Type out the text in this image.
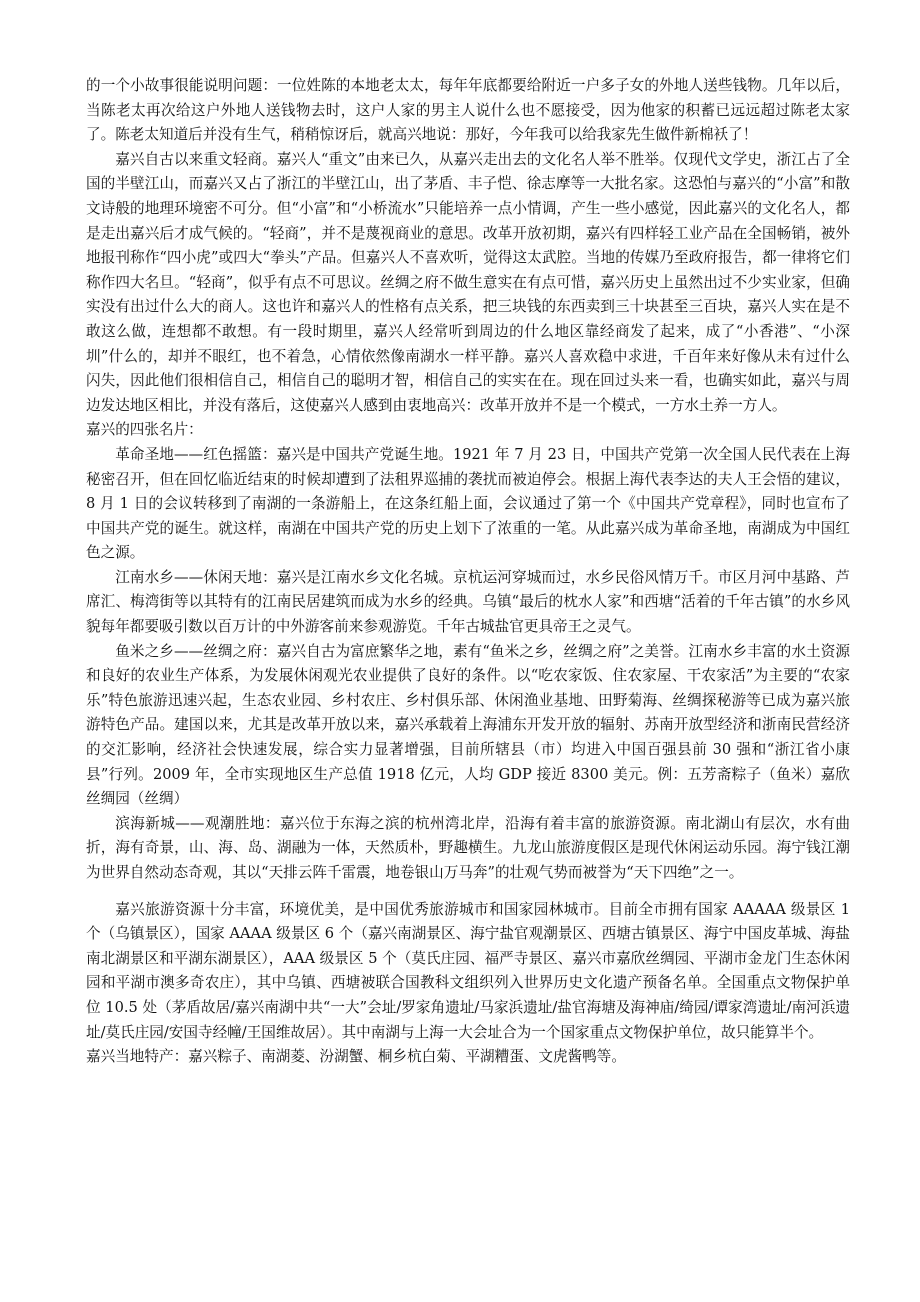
的一个小故事很能说明问题：一位姓陈的本地老太太，每年年底都要给附近一户多子女的外地人送些钱物。几年以后，当陈老太再次给这户外地人送钱物去时，这户人家的男主人说什么也不愿接受，因为他家的积蓄已远远超过陈老太家了。陈老太知道后并没有生气，稍稍惊讶后，就高兴地说：那好，今年我可以给我家先生做件新棉袄了！

嘉兴自古以来重文轻商。嘉兴人“重文”由来已久，从嘉兴走出去的文化名人举不胜举。仅现代文学史，浙江占了全国的半壁江山，而嘉兴又占了浙江的半壁江山，出了茅盾、丰子恺、徐志摩等一大批名家。这恐怕与嘉兴的“小富”和散文诗般的地理环境密不可分。但“小富”和“小桥流水”只能培养一点小情调，产生一些小感觉，因此嘉兴的文化名人，都是走出嘉兴后才成气候的。“轻商”，并不是蔑视商业的意思。改革开放初期，嘉兴有四样轻工业产品在全国畅销，被外地报刊称作“四小虎”或四大“拳头”产品。但嘉兴人不喜欢听，觉得这太武腔。当地的传媒乃至政府报告，都一律将它们称作四大名旦。“轻商”，似乎有点不可思议。丝绸之府不做生意实在有点可惜，嘉兴历史上虽然出过不少实业家，但确实没有出过什么大的商人。这也许和嘉兴人的性格有点关系，把三块钱的东西卖到三十块甚至三百块，嘉兴人实在是不敢这么做，连想都不敢想。有一段时期里，嘉兴人经常听到周边的什么地区靠经商发了起来，成了“小香港”、“小深圳”什么的，却并不眼红，也不着急，心情依然像南湖水一样平静。嘉兴人喜欢稳中求进，千百年来好像从未有过什么闪失，因此他们很相信自己，相信自己的聪明才智，相信自己的实实在在。现在回过头来一看，也确实如此，嘉兴与周边发达地区相比，并没有落后，这使嘉兴人感到由衷地高兴：改革开放并不是一个模式，一方水土养一方人。

嘉兴的四张名片：

革命圣地——红色摇篮：嘉兴是中国共产党诞生地。1921 年 7 月 23 日，中国共产党第一次全国人民代表在上海秘密召开，但在回忆临近结束的时候却遭到了法租界巡捕的袭扰而被迫停会。根据上海代表李达的夫人王会悟的建议，8 月 1 日的会议转移到了南湖的一条游船上，在这条红船上面，会议通过了第一个《中国共产党章程》，同时也宣布了中国共产党的诞生。就这样，南湖在中国共产党的历史上划下了浓重的一笔。从此嘉兴成为革命圣地，南湖成为中国红色之源。

江南水乡——休闲天地：嘉兴是江南水乡文化名城。京杭运河穿城而过，水乡民俗风情万千。市区月河中基路、芦席汇、梅湾街等以其特有的江南民居建筑而成为水乡的经典。乌镇“最后的枕水人家”和西塘“活着的千年古镇”的水乡风貌每年都要吸引数以百万计的中外游客前来参观游览。千年古城盐官更具帝王之灵气。

鱼米之乡——丝绸之府：嘉兴自古为富庶繁华之地，素有“鱼米之乡，丝绸之府”之美誉。江南水乡丰富的水土资源和良好的农业生产体系，为发展休闲观光农业提供了良好的条件。以“吃农家饭、住农家屋、干农家活”为主要的“农家乐”特色旅游迅速兴起，生态农业园、乡村农庄、乡村俱乐部、休闲渔业基地、田野菊海、丝绸探秘游等已成为嘉兴旅游特色产品。建国以来，尤其是改革开放以来，嘉兴承载着上海浦东开发开放的辐射、苏南开放型经济和浙南民营经济的交汇影响，经济社会快速发展，综合实力显著增强，目前所辖县（市）均进入中国百强县前 30 强和“浙江省小康县”行列。2009 年，全市实现地区生产总值 1918 亿元，人均 GDP 接近 8300 美元。例：五芳斋粽子（鱼米）嘉欣丝绸园（丝绸）

滨海新城——观潮胜地：嘉兴位于东海之滨的杭州湾北岸，沿海有着丰富的旅游资源。南北湖山有层次，水有曲折，海有奇景，山、海、岛、湖融为一体，天然质朴，野趣横生。九龙山旅游度假区是现代休闲运动乐园。海宁钱江潮为世界自然动态奇观，其以“天排云阵千雷震，地卷银山万马奔”的壮观气势而被誉为“天下四绝”之一。

嘉兴旅游资源十分丰富，环境优美，是中国优秀旅游城市和国家园林城市。目前全市拥有国家 AAAAA 级景区 1 个（乌镇景区），国家 AAAA 级景区 6 个（嘉兴南湖景区、海宁盐官观潮景区、西塘古镇景区、海宁中国皮革城、海盐南北湖景区和平湖东湖景区），AAA 级景区 5 个（莫氏庄园、福严寺景区、嘉兴市嘉欣丝绸园、平湖市金龙门生态休闲园和平湖市澳多奇农庄），其中乌镇、西塘被联合国教科文组织列入世界历史文化遗产预备名单。全国重点文物保护单位 10.5 处（茅盾故居/嘉兴南湖中共“一大”会址/罗家角遗址/马家浜遗址/盐官海塘及海神庙/绮园/谭家湾遗址/南河浜遗址/莫氏庄园/安国寺经幢/王国维故居）。其中南湖与上海一大会址合为一个国家重点文物保护单位，故只能算半个。

嘉兴当地特产：嘉兴粽子、南湖菱、汾湖蟹、桐乡杭白菊、平湖糟蛋、文虎酱鸭等。
